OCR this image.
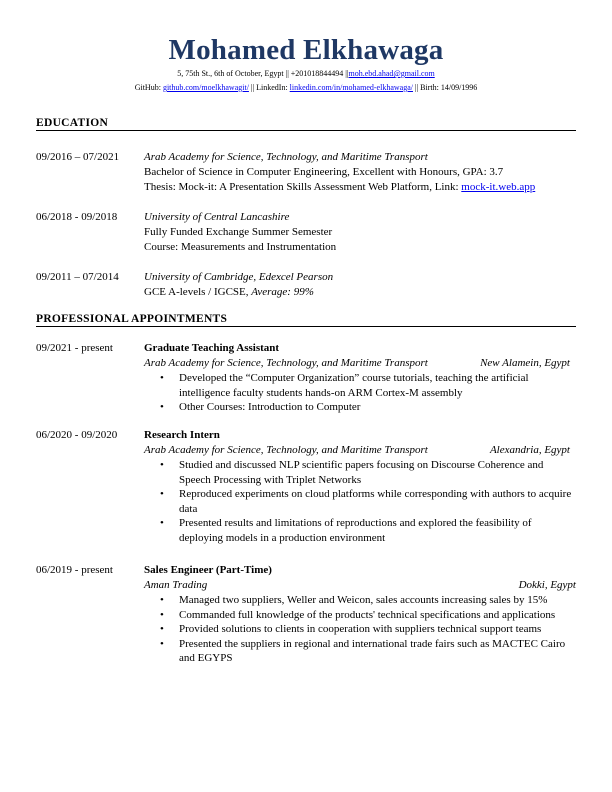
Mohamed Elkhawaga
5, 75th St., 6th of October, Egypt || +201018844494 ||moh.ebd.ahad@gmail.com
GitHub: github.com/moelkhawagit/ || LinkedIn: linkedin.com/in/mohamed-elkhawaga/ || Birth: 14/09/1996
EDUCATION
09/2016 – 07/2021	Arab Academy for Science, Technology, and Maritime Transport
Bachelor of Science in Computer Engineering, Excellent with Honours, GPA: 3.7
Thesis: Mock-it: A Presentation Skills Assessment Web Platform, Link: mock-it.web.app
06/2018 - 09/2018	University of Central Lancashire
Fully Funded Exchange Summer Semester
Course: Measurements and Instrumentation
09/2011 – 07/2014	University of Cambridge, Edexcel Pearson
GCE A-levels / IGCSE, Average: 99%
PROFESSIONAL APPOINTMENTS
09/2021 - present	Graduate Teaching Assistant
Arab Academy for Science, Technology, and Maritime Transport	New Alamein, Egypt
• Developed the “Computer Organization” course tutorials, teaching the artificial intelligence faculty students hands-on ARM Cortex-M assembly
• Other Courses: Introduction to Computer
06/2020 - 09/2020	Research Intern
Arab Academy for Science, Technology, and Maritime Transport	Alexandria, Egypt
• Studied and discussed NLP scientific papers focusing on Discourse Coherence and Speech Processing with Triplet Networks
• Reproduced experiments on cloud platforms while corresponding with authors to acquire data
• Presented results and limitations of reproductions and explored the feasibility of deploying models in a production environment
06/2019 - present	Sales Engineer (Part-Time)
Aman Trading	Dokki, Egypt
• Managed two suppliers, Weller and Weicon, sales accounts increasing sales by 15%
• Commanded full knowledge of the products' technical specifications and applications
• Provided solutions to clients in cooperation with suppliers technical support teams
• Presented the suppliers in regional and international trade fairs such as MACTEC Cairo and EGYPS
